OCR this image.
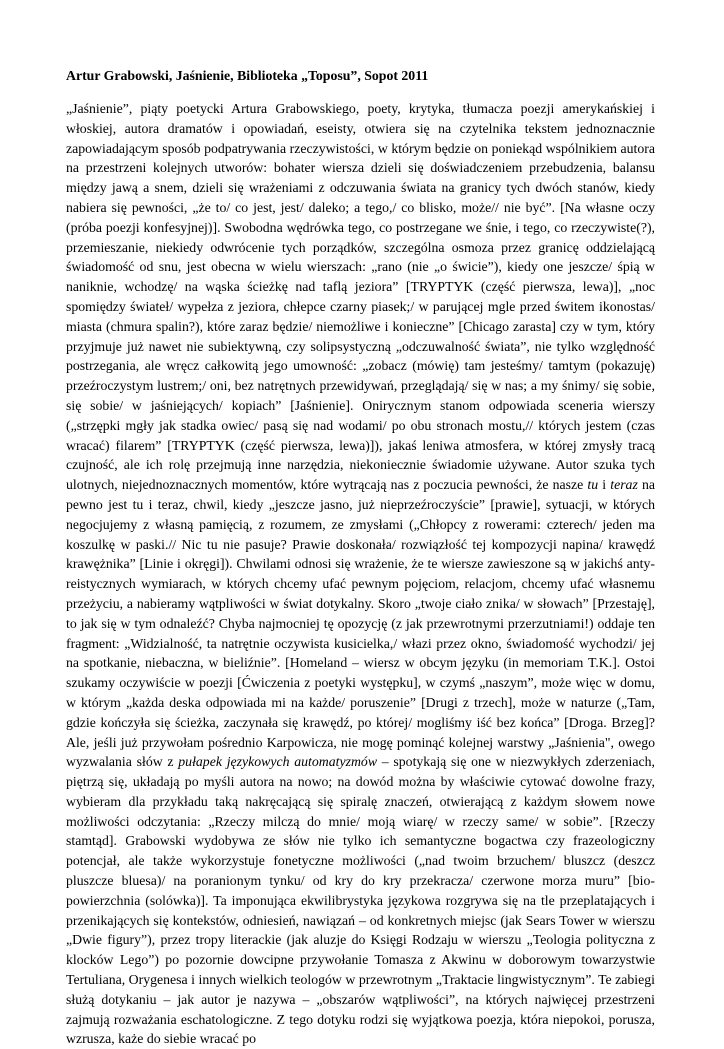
Artur Grabowski, Jaśnienie, Biblioteka „Toposu”, Sopot 2011

„Jaśnienie”, piąty poetycki Artura Grabowskiego, poety, krytyka, tłumacza poezji amerykańskiej i włoskiej, autora dramatów i opowiadań, eseisty, otwiera się na czytelnika tekstem jednoznacznie zapowiadającym sposób podpatrywania rzeczywistości, w którym będzie on poniekąd wspólnikiem autora na przestrzeni kolejnych utworów: bohater wiersza dzieli się doświadczeniem przebudzenia, balansu między jawą a snem, dzieli się wrażeniami z odczuwania świata na granicy tych dwóch stanów, kiedy nabiera się pewności, „że to/ co jest, jest/ daleko; a tego,/ co blisko, może// nie być”. [Na własne oczy (próba poezji konfesyjnej)]. Swobodna wędrówka tego, co postrzegane we śnie, i tego, co rzeczywiste(?), przemieszanie, niekiedy odwrócenie tych porządków, szczególna osmoza przez granicę oddzielającą świadomość od snu, jest obecna w wielu wierszach: „rano (nie „o świcie”), kiedy one jeszcze/ śpią w naniknie, wchodzę/ na wąska ścieżkę nad taflą jeziora” [TRYPTYK (część pierwsza, lewa)], „noc spomiędzy świateł/ wypełza z jeziora, chłepce czarny piasek;/ w parującej mgle przed świtem ikonostas/ miasta (chmura spalin?), które zaraz będzie/ niemożliwe i konieczne” [Chicago zarasta] czy w tym, który przyjmuje już nawet nie subiektywną, czy solipsystyczną „odczuwalność świata”, nie tylko względność postrzegania, ale wręcz całkowitą jego umowność: „zobacz (mówię) tam jesteśmy/ tamtym (pokazuję) przeźroczystym lustrem;/ oni, bez natrętnych przewidywań, przeglądają/ się w nas; a my śnimy/ się sobie, się sobie/ w jaśniejących/ kopiach” [Jaśnienie]. Onirycznym stanom odpowiada sceneria wierszy („strzępki mgły jak stadka owiec/ pasą się nad wodami/ po obu stronach mostu,// których jestem (czas wracać) filarem” [TRYPTYK (część pierwsza, lewa)]), jakaś leniwa atmosfera, w której zmysły tracą czujność, ale ich rolę przejmują inne narzędzia, niekoniecznie świadomie używane. Autor szuka tych ulotnych, niejednoznacznych momentów, które wytrącają nas z poczucia pewności, że nasze tu i teraz na pewno jest tu i teraz, chwil, kiedy „jeszcze jasno, już nieprzeźroczyście” [prawie], sytuacji, w których negocjujemy z własną pamięcią, z rozumem, ze zmysłami („Chłopcy z rowerami: czterech/ jeden ma koszulkę w paski.// Nic tu nie pasuje? Prawie doskonała/ rozwiązłość tej kompozycji napina/ krawędź krawężnika” [Linie i okręgi]). Chwilami odnosi się wrażenie, że te wiersze zawieszone są w jakichś anty-reistycznych wymiarach, w których chcemy ufać pewnym pojęciom, relacjom, chcemy ufać własnemu przeżyciu, a nabieramy wątpliwości w świat dotykalny. Skoro „twoje ciało znika/ w słowach” [Przestaję], to jak się w tym odnaleźć? Chyba najmocniej tę opozycję (z jak przewrotnymi przerzutniami!) oddaje ten fragment: „Widzialność, ta natrętnie oczywista kusicielka,/ włazi przez okno, świadomość wychodzi/ jej na spotkanie, niebaczna, w bieliźnie”. [Homeland – wiersz w obcym języku (in memoriam T.K.]. Ostoi szukamy oczywiście w poezji [Ćwiczenia z poetyki występku], w czymś „naszym”, może więc w domu, w którym „każda deska odpowiada mi na każde/ poruszenie” [Drugi z trzech], może w naturze („Tam, gdzie kończyła się ścieżka, zaczynała się krawędź, po której/ mogliśmy iść bez końca” [Droga. Brzeg]? Ale, jeśli już przywołam pośrednio Karpowicza, nie mogę pominąć kolejnej warstwy „Jaśnienia", owego wyzwalania słów z pułapek językowych automatyzmów – spotykają się one w niezwykłych zderzeniach, piętrzą się, układają po myśli autora na nowo; na dowód można by właściwie cytować dowolne frazy, wybieram dla przykładu taką nakręcającą się spiralę znaczeń, otwierającą z każdym słowem nowe możliwości odczytania: „Rzeczy milczą do mnie/ moją wiarę/ w rzeczy same/ w sobie”. [Rzeczy stamtąd]. Grabowski wydobywa ze słów nie tylko ich semantyczne bogactwa czy frazeologiczny potencjał, ale także wykorzystuje fonetyczne możliwości („nad twoim brzuchem/ bluszcz (deszcz pluszcze bluesa)/ na poranionym tynku/ od kry do kry przekracza/ czerwone morza muru” [bio-powierzchnia (solówka)]. Ta imponująca ekwilibrystyka językowa rozgrywa się na tle przeplatających i przenikających się kontekstów, odniesień, nawiązań – od konkretnych miejsc (jak Sears Tower w wierszu „Dwie figury”), przez tropy literackie (jak aluzje do Księgi Rodzaju w wierszu „Teologia polityczna z klocków Lego”) po pozornie dowcipne przywołanie Tomasza z Akwinu w doborowym towarzystwie Tertuliana, Orygenesa i innych wielkich teologów w przewrotnym „Traktacie lingwistycznym”. Te zabiegi służą dotykaniu – jak autor je nazywa – „obszarów wątpliwości”, na których najwięcej przestrzeni zajmują rozważania eschatologiczne. Z tego dotyku rodzi się wyjątkowa poezja, która niepokoi, porusza, wzrusza, każe do siebie wracać po
